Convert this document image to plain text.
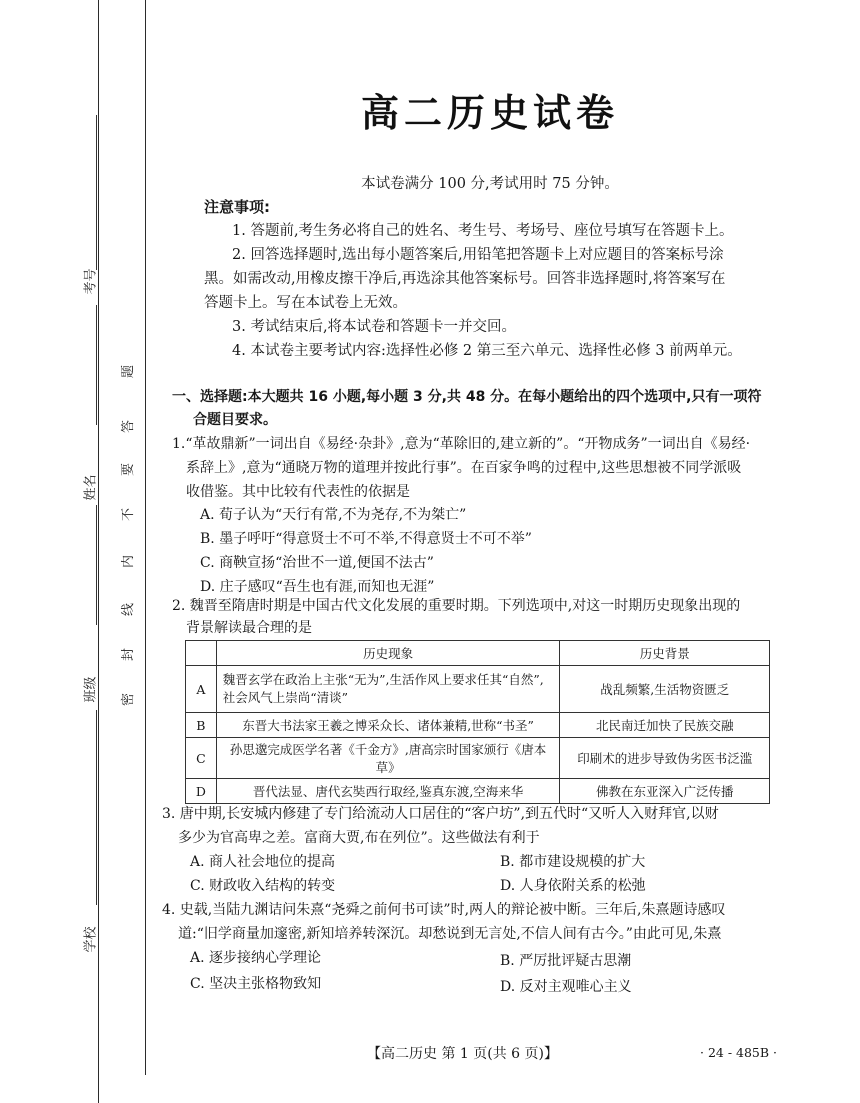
考号
姓名
班级
学校
题
答
要
不
内
线
封
密
高二历史试卷
本试卷满分 100 分,考试用时 75 分钟。
注意事项:
1. 答题前,考生务必将自己的姓名、考生号、考场号、座位号填写在答题卡上。
2. 回答选择题时,选出每小题答案后,用铅笔把答题卡上对应题目的答案标号涂
黑。如需改动,用橡皮擦干净后,再选涂其他答案标号。回答非选择题时,将答案写在
答题卡上。写在本试卷上无效。
3. 考试结束后,将本试卷和答题卡一并交回。
4. 本试卷主要考试内容:选择性必修 2 第三至六单元、选择性必修 3 前两单元。
一、选择题:本大题共 16 小题,每小题 3 分,共 48 分。在每小题给出的四个选项中,只有一项符
合题目要求。
1.“革故鼎新”一词出自《易经·杂卦》,意为“革除旧的,建立新的”。“开物成务”一词出自《易经·
系辞上》,意为“通晓万物的道理并按此行事”。在百家争鸣的过程中,这些思想被不同学派吸
收借鉴。其中比较有代表性的依据是
A. 荀子认为“天行有常,不为尧存,不为桀亡”
B. 墨子呼吁“得意贤士不可不举,不得意贤士不可不举”
C. 商鞅宣扬“治世不一道,便国不法古”
D. 庄子感叹“吾生也有涯,而知也无涯”
2. 魏晋至隋唐时期是中国古代文化发展的重要时期。下列选项中,对这一时期历史现象出现的
背景解读最合理的是
	历史现象	历史背景
A	魏晋玄学在政治上主张“无为”,生活作风上要求任其“自然”,社会风气上崇尚“清谈”	战乱频繁,生活物资匮乏
B	东晋大书法家王羲之博采众长、诸体兼精,世称“书圣”	北民南迁加快了民族交融
C	孙思邈完成医学名著《千金方》,唐高宗时国家颁行《唐本草》	印刷术的进步导致伪劣医书泛滥
D	晋代法显、唐代玄奘西行取经,鉴真东渡,空海来华	佛教在东亚深入广泛传播
3. 唐中期,长安城内修建了专门给流动人口居住的“客户坊”,到五代时“又听人入财拜官,以财
多少为官高卑之差。富商大贾,布在列位”。这些做法有利于
A. 商人社会地位的提高	B. 都市建设规模的扩大
C. 财政收入结构的转变	D. 人身依附关系的松弛
4. 史载,当陆九渊诘问朱熹“尧舜之前何书可读”时,两人的辩论被中断。三年后,朱熹题诗感叹
道:“旧学商量加邃密,新知培养转深沉。却愁说到无言处,不信人间有古今。”由此可见,朱熹
A. 逐步接纳心学理论	B. 严厉批评疑古思潮
C. 坚决主张格物致知	D. 反对主观唯心主义
【高二历史 第 1 页(共 6 页)】	· 24 - 485B ·
